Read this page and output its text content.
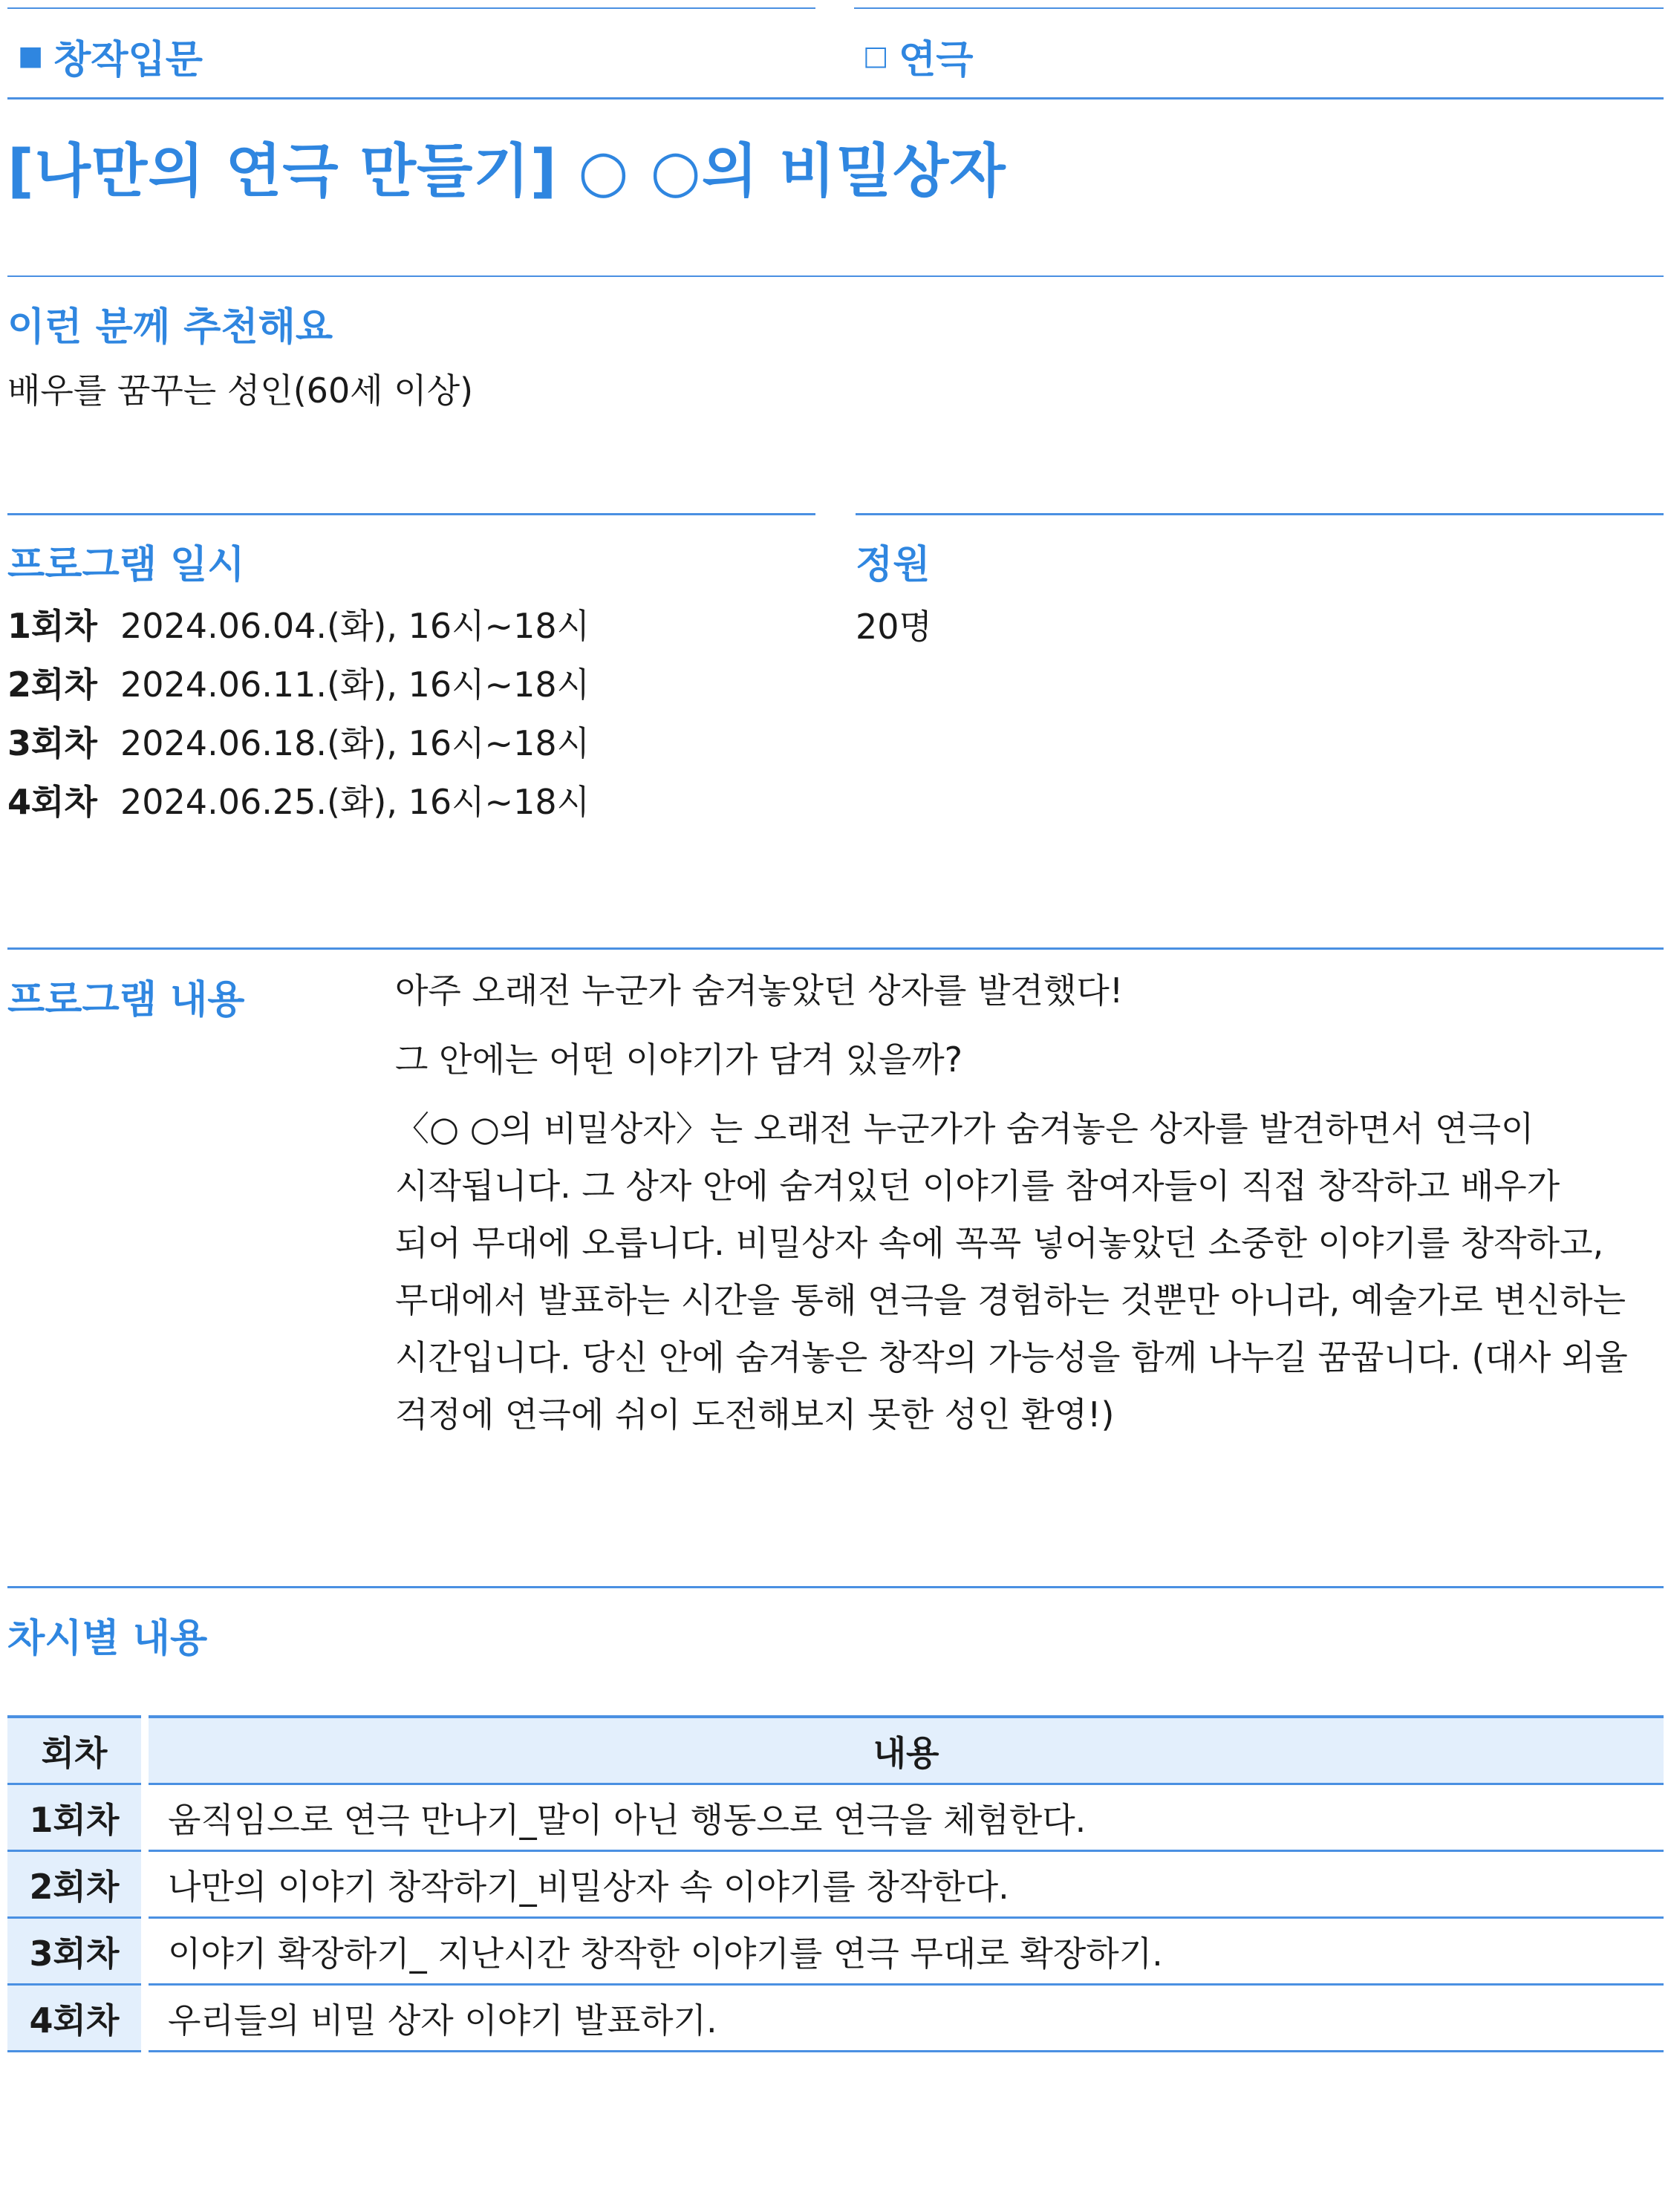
■ 창작입문	□ 연극
[나만의 연극 만들기] ○ ○의 비밀상자
이런 분께 추천해요
배우를 꿈꾸는 성인(60세 이상)
프로그램 일시	정원
1회차 2024.06.04.(화), 16시~18시
2회차 2024.06.11.(화), 16시~18시
3회차 2024.06.18.(화), 16시~18시
4회차 2024.06.25.(화), 16시~18시
20명
프로그램 내용	아주 오래전 누군가 숨겨놓았던 상자를 발견했다!

그 안에는 어떤 이야기가 담겨 있을까?

〈○ ○의 비밀상자〉는 오래전 누군가가 숨겨놓은 상자를 발견하면서 연극이
시작됩니다. 그 상자 안에 숨겨있던 이야기를 참여자들이 직접 창작하고 배우가
되어 무대에 오릅니다. 비밀상자 속에 꼭꼭 넣어놓았던 소중한 이야기를 창작하고,
무대에서 발표하는 시간을 통해 연극을 경험하는 것뿐만 아니라, 예술가로 변신하는
시간입니다. 당신 안에 숨겨놓은 창작의 가능성을 함께 나누길 꿈꿉니다. (대사 외울
걱정에 연극에 쉬이 도전해보지 못한 성인 환영!)
차시별 내용
회차	내용
1회차	움직임으로 연극 만나기_말이 아닌 행동으로 연극을 체험한다.
2회차	나만의 이야기 창작하기_비밀상자 속 이야기를 창작한다.
3회차	이야기 확장하기_ 지난시간 창작한 이야기를 연극 무대로 확장하기.
4회차	우리들의 비밀 상자 이야기 발표하기.
